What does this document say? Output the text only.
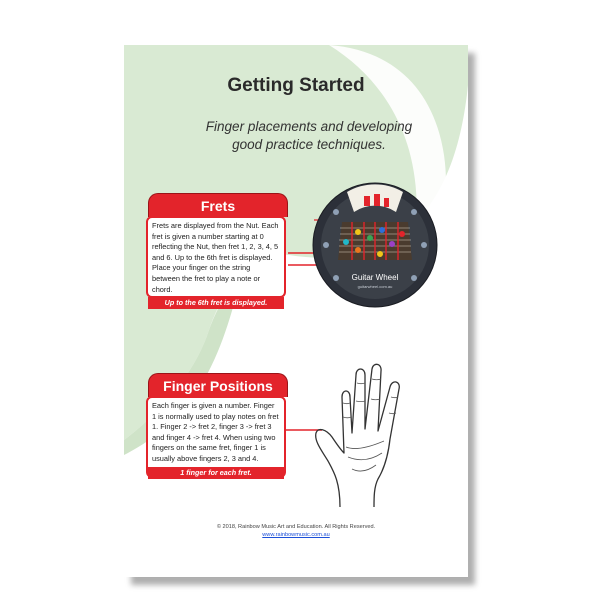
Getting Started
Finger placements and developing
good practice techniques.
Frets
Frets are displayed from the Nut. Each fret is given a number starting at 0 reflecting the Nut, then fret 1, 2, 3, 4, 5 and 6. Up to the 6th fret is displayed. Place your finger on the string between the fret to play a note or chord.
Up to the 6th fret is displayed.
Guitar Wheel
guitarwheel.com.au
Finger Positions
Each finger is given a number. Finger 1 is normally used to play notes on fret 1. Finger 2 -> fret 2, finger 3 -> fret 3 and finger 4 -> fret 4. When using two fingers on the same fret, finger 1 is usually above fingers 2, 3 and 4.
1 finger for each fret.
© 2018, Rainbow Music Art and Education. All Rights Reserved.
www.rainbowmusic.com.au
